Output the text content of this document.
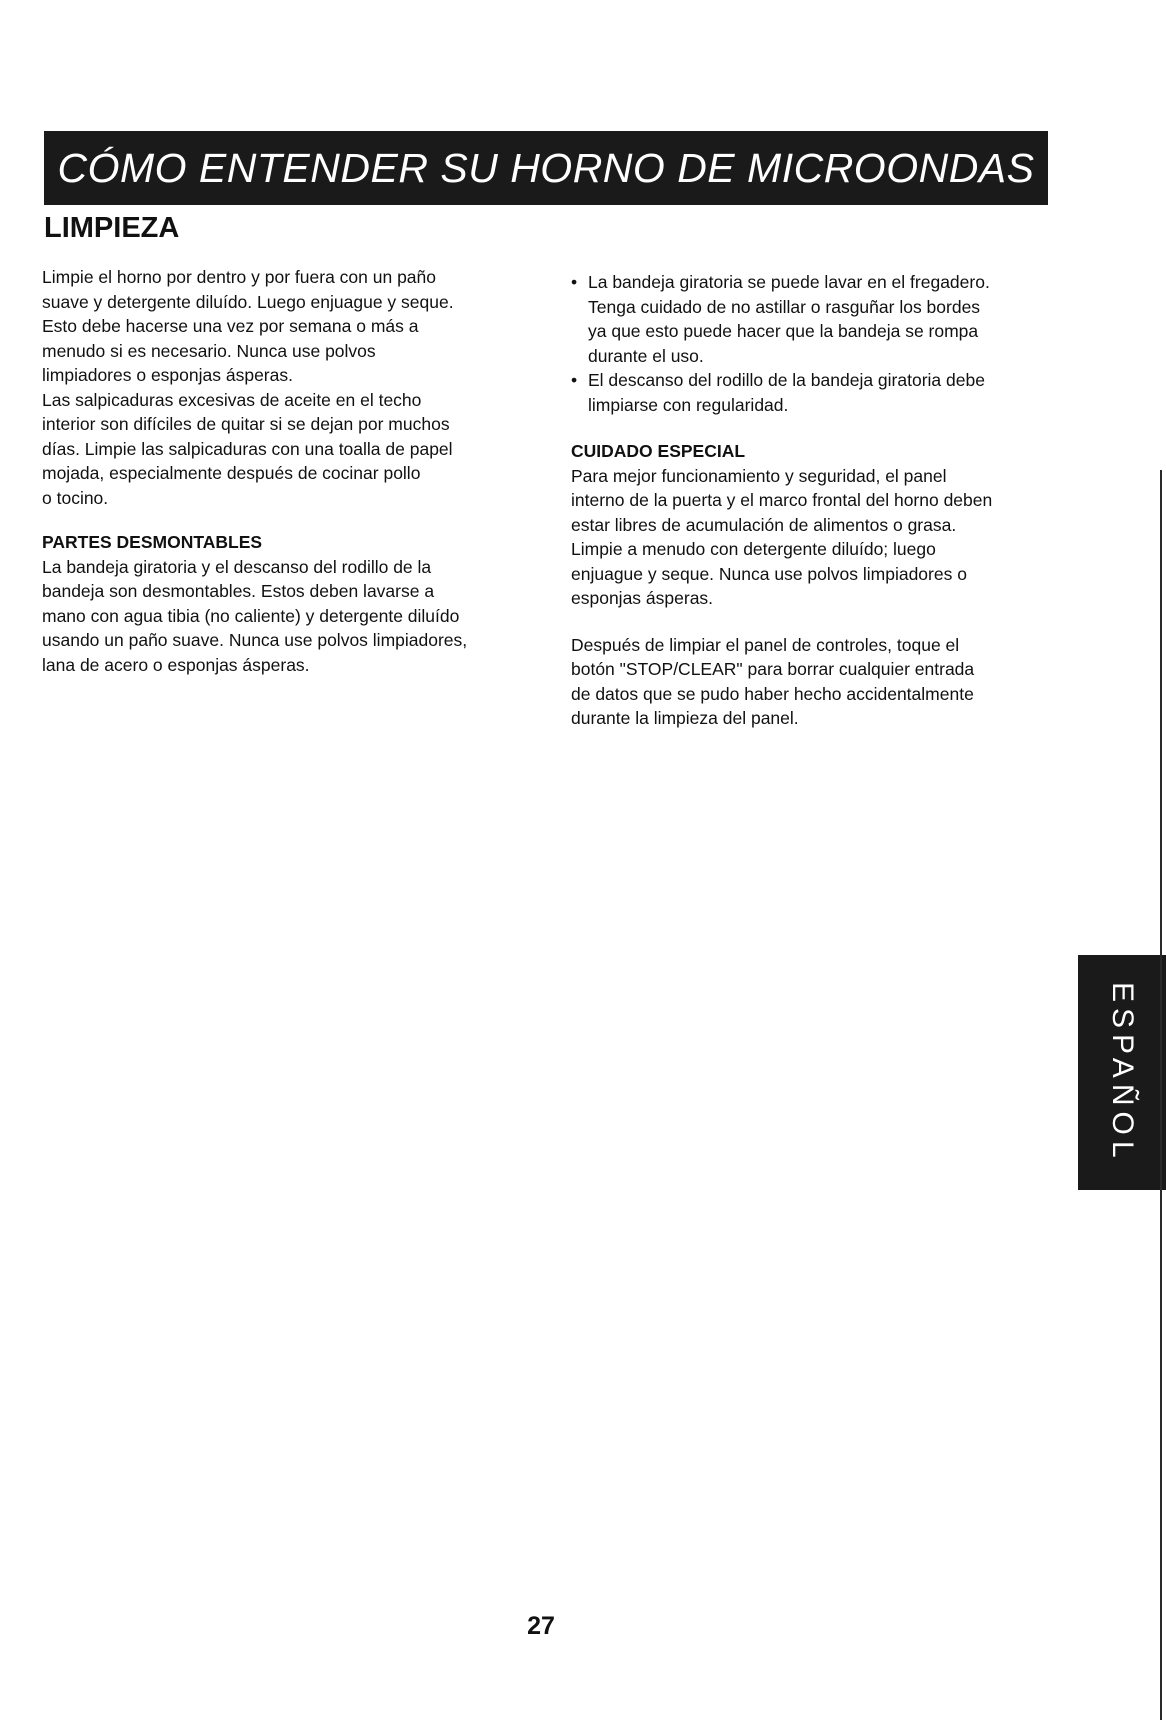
CÓMO ENTENDER SU HORNO DE MICROONDAS
LIMPIEZA

Limpie el horno por dentro y por fuera con un paño
suave y detergente diluído. Luego enjuague y seque.
Esto debe hacerse una vez por semana o más a
menudo si es necesario. Nunca use polvos
limpiadores o esponjas ásperas.
Las salpicaduras excesivas de aceite en el techo
interior son difíciles de quitar si se dejan por muchos
días. Limpie las salpicaduras con una toalla de papel
mojada, especialmente después de cocinar pollo
o tocino.

PARTES DESMONTABLES

La bandeja giratoria y el descanso del rodillo de la
bandeja son desmontables. Estos deben lavarse a
mano con agua tibia (no caliente) y detergente diluído
usando un paño suave. Nunca use polvos limpiadores,
lana de acero o esponjas ásperas.

• La bandeja giratoria se puede lavar en el fregadero.
Tenga cuidado de no astillar o rasguñar los bordes
ya que esto puede hacer que la bandeja se rompa
durante el uso.
• El descanso del rodillo de la bandeja giratoria debe
limpiarse con regularidad.

CUIDADO ESPECIAL

Para mejor funcionamiento y seguridad, el panel
interno de la puerta y el marco frontal del horno deben
estar libres de acumulación de alimentos o grasa.
Limpie a menudo con detergente diluído; luego
enjuague y seque. Nunca use polvos limpiadores o
esponjas ásperas.

Después de limpiar el panel de controles, toque el
botón "STOP/CLEAR" para borrar cualquier entrada
de datos que se pudo haber hecho accidentalmente
durante la limpieza del panel.

ESPAÑOL
27
